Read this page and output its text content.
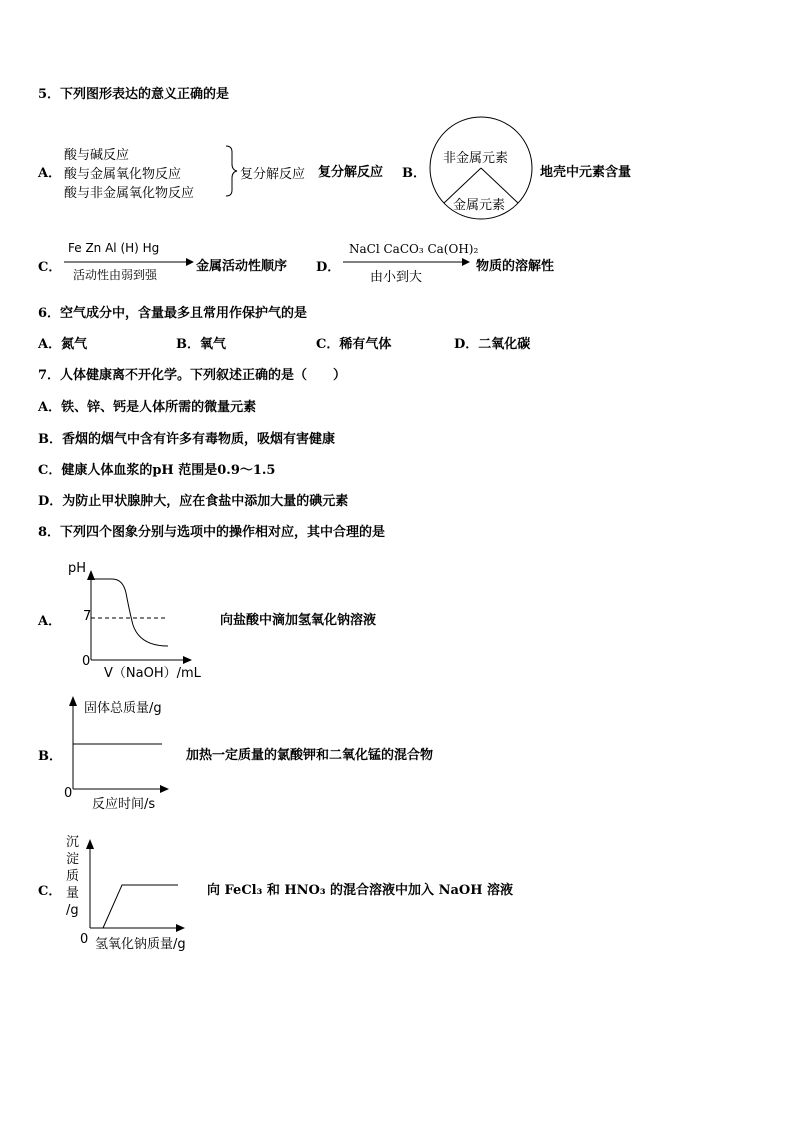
5．下列图形表达的意义正确的是
A．
酸与碱反应
酸与金属氧化物反应
酸与非金属氧化物反应
复分解反应 复分解反应 B．
非金属元素
金属元素
地壳中元素含量
C．
Fe Zn Al (H) Hg
活动性由弱到强
金属活动性顺序 D．
NaCl CaCO₃ Ca(OH)₂
由小到大
物质的溶解性
6．空气成分中，含量最多且常用作保护气的是
A．氮气	B．氧气	C．稀有气体	D．二氧化碳
7．人体健康离不开化学。下列叙述正确的是（　　）
A．铁、锌、钙是人体所需的微量元素
B．香烟的烟气中含有许多有毒物质，吸烟有害健康
C．健康人体血浆的pH 范围是0.9～1.5
D．为防止甲状腺肿大，应在食盐中添加大量的碘元素
8．下列四个图象分别与选项中的操作相对应，其中合理的是
A．
pH
7
0
V（NaOH）/mL
向盐酸中滴加氢氧化钠溶液
B．
固体总质量/g
0
反应时间/s
加热一定质量的氯酸钾和二氧化锰的混合物
C．
沉
淀
质
量
/g
0 氢氧化钠质量/g
向 FeCl₃ 和 HNO₃ 的混合溶液中加入 NaOH 溶液
